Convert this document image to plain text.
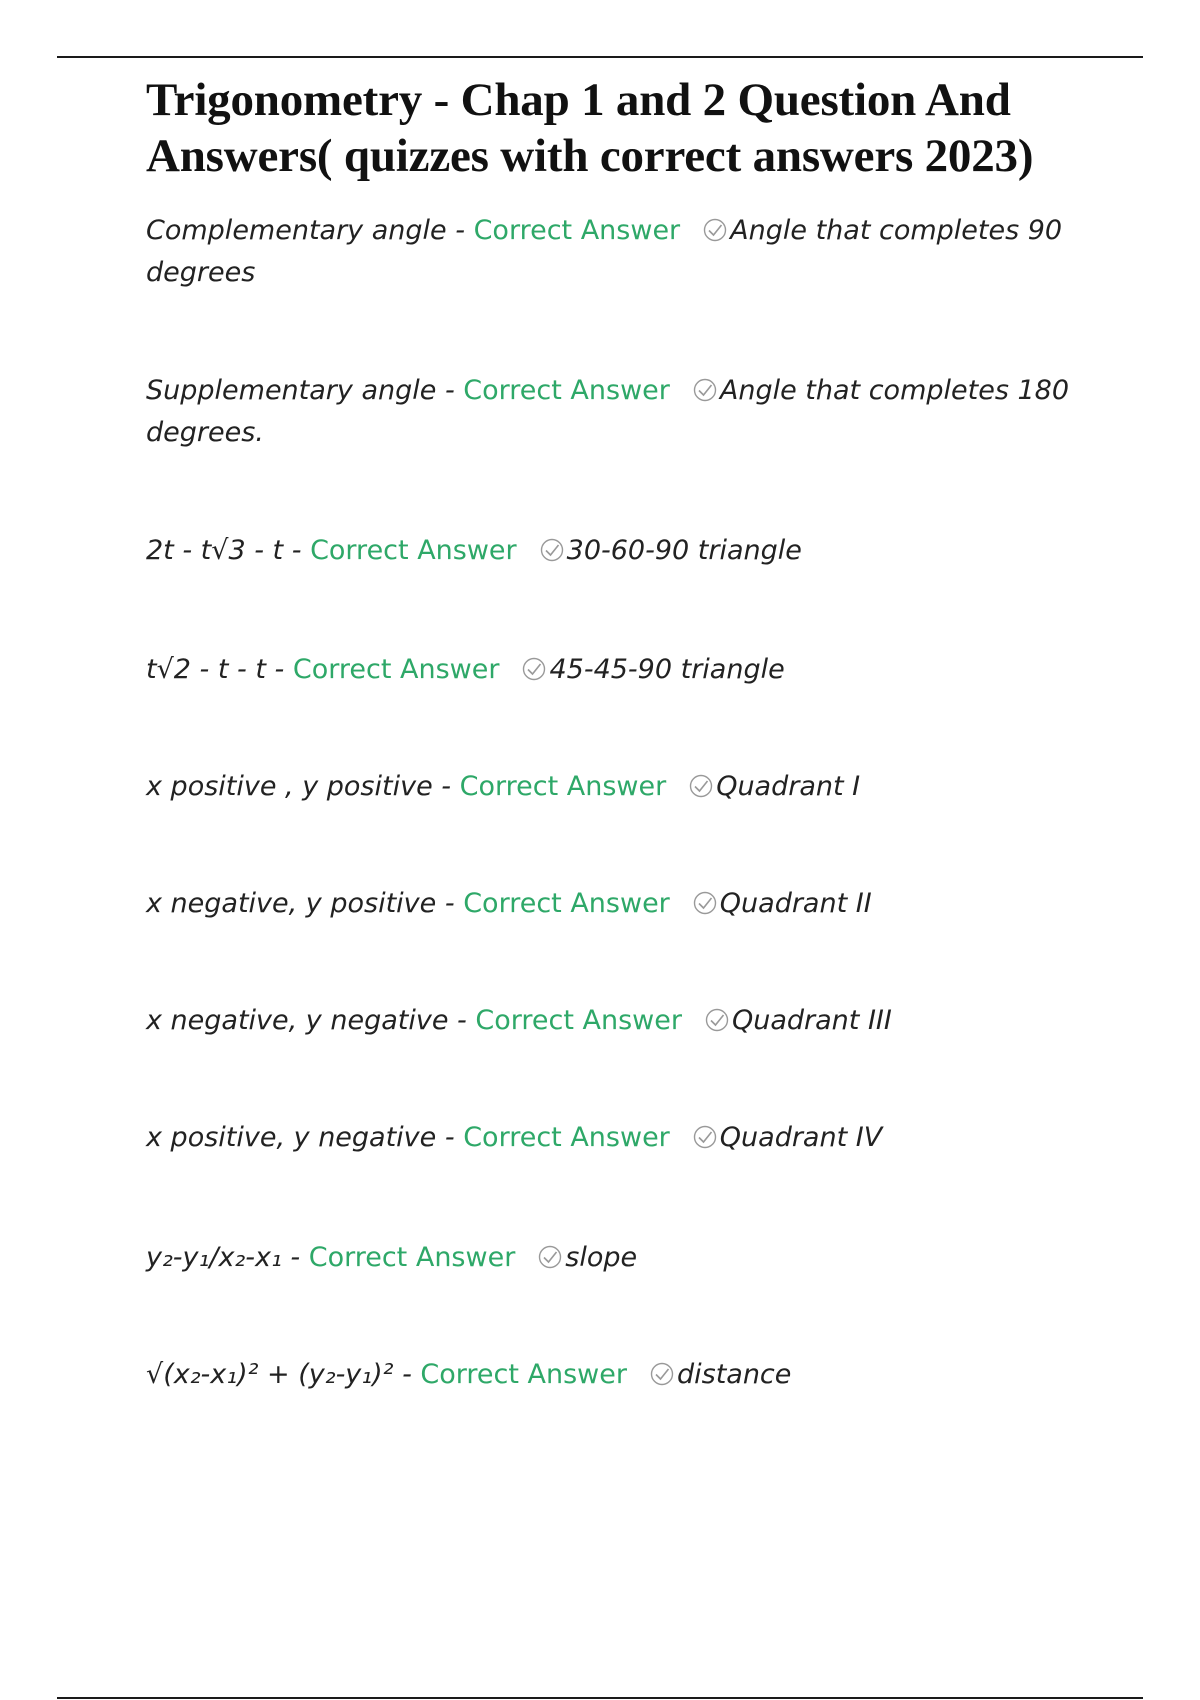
Trigonometry - Chap 1 and 2 Question And Answers( quizzes with correct answers 2023)
Complementary angle - Correct Answer Angle that completes 90 degrees
Supplementary angle - Correct Answer Angle that completes 180 degrees.
2t - t√3 - t - Correct Answer 30-60-90 triangle
t√2 - t - t - Correct Answer 45-45-90 triangle
x positive , y positive - Correct Answer Quadrant I
x negative, y positive - Correct Answer Quadrant II
x negative, y negative - Correct Answer Quadrant III
x positive, y negative - Correct Answer Quadrant IV
y₂-y₁/x₂-x₁ - Correct Answer slope
√(x₂-x₁)² + (y₂-y₁)² - Correct Answer distance
